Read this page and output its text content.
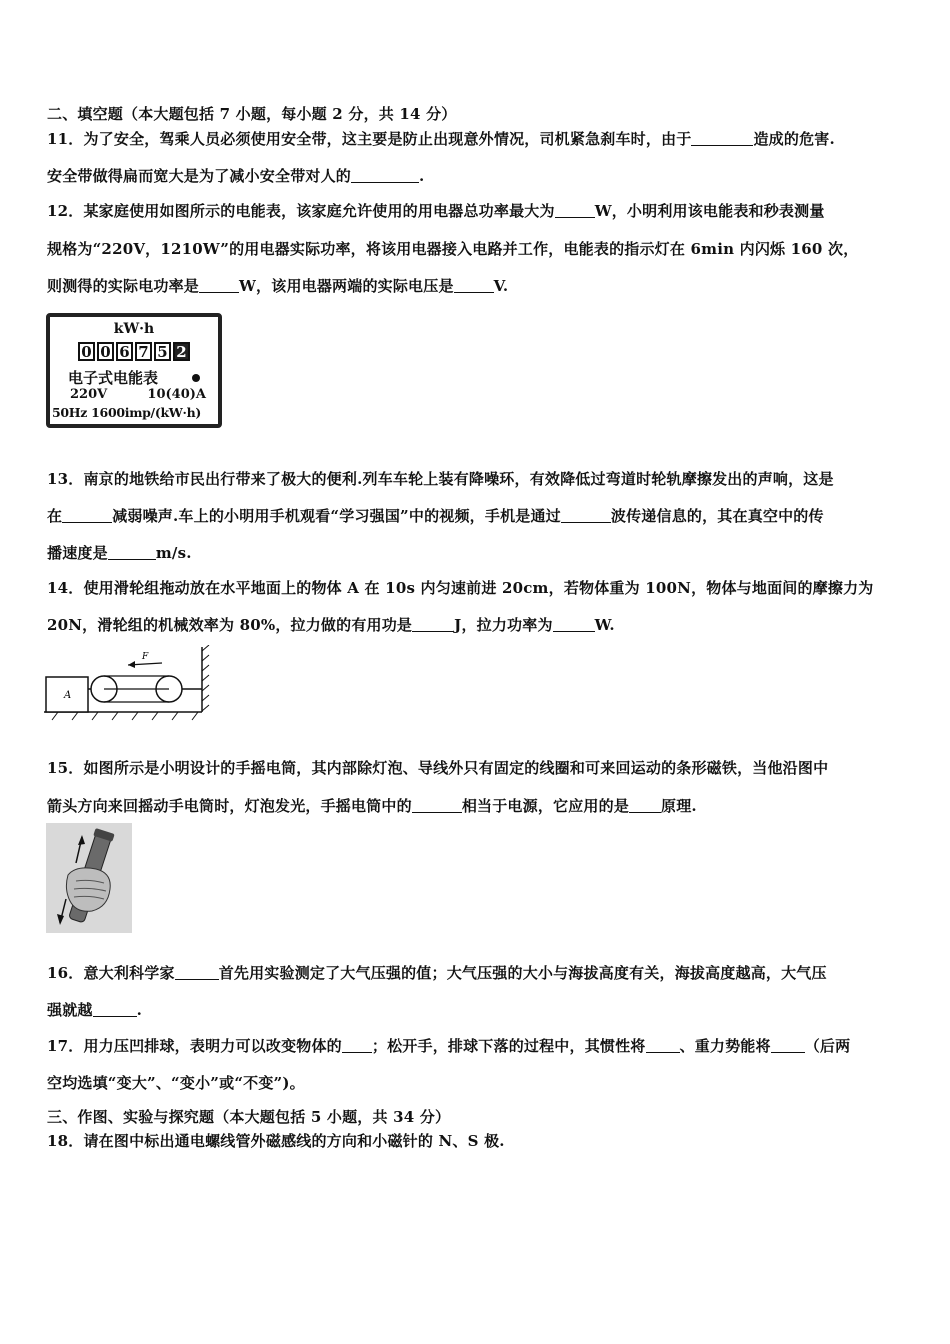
二、填空题（本大题包括 7 小题，每小题 2 分，共 14 分）
11．为了安全，驾乘人员必须使用安全带，这主要是防止出现意外情况，司机紧急刹车时，由于	造成的危害.
安全带做得扁而宽大是为了减小安全带对人的	.
12．某家庭使用如图所示的电能表，该家庭允许使用的用电器总功率最大为	W，小明利用该电能表和秒表测量
规格为“220V，1210W”的用电器实际功率，将该用电器接入电路并工作，电能表的指示灯在 6min 内闪烁 160 次，
则测得的实际电功率是	W，该用电器两端的实际电压是	V.
kW·h
0 0 6 7 5 2
电子式电能表
220V	10(40)A
50Hz 1600imp/(kW·h)
13．南京的地铁给市民出行带来了极大的便利.列车车轮上装有降噪环，有效降低过弯道时轮轨摩擦发出的声响，这是
在	减弱噪声.车上的小明用手机观看“学习强国”中的视频，手机是通过	波传递信息的，其在真空中的传
播速度是	m/s.
14．使用滑轮组拖动放在水平地面上的物体 A 在 10s 内匀速前进 20cm，若物体重为 100N，物体与地面间的摩擦力为
20N，滑轮组的机械效率为 80%，拉力做的有用功是	J，拉力功率为	W.
A
F
15．如图所示是小明设计的手摇电筒，其内部除灯泡、导线外只有固定的线圈和可来回运动的条形磁铁，当他沿图中
箭头方向来回摇动手电筒时，灯泡发光，手摇电筒中的	相当于电源，它应用的是 原理.
16．意大利科学家	首先用实验测定了大气压强的值；大气压强的大小与海拔高度有关，海拔高度越高，大气压
强就越	.
17．用力压凹排球，表明力可以改变物体的 ；松开手，排球下落的过程中，其惯性将 、重力势能将 （后两
空均选填“变大”、“变小”或“不变”)。
三、作图、实验与探究题（本大题包括 5 小题，共 34 分）
18．请在图中标出通电螺线管外磁感线的方向和小磁针的 N、S 极.
